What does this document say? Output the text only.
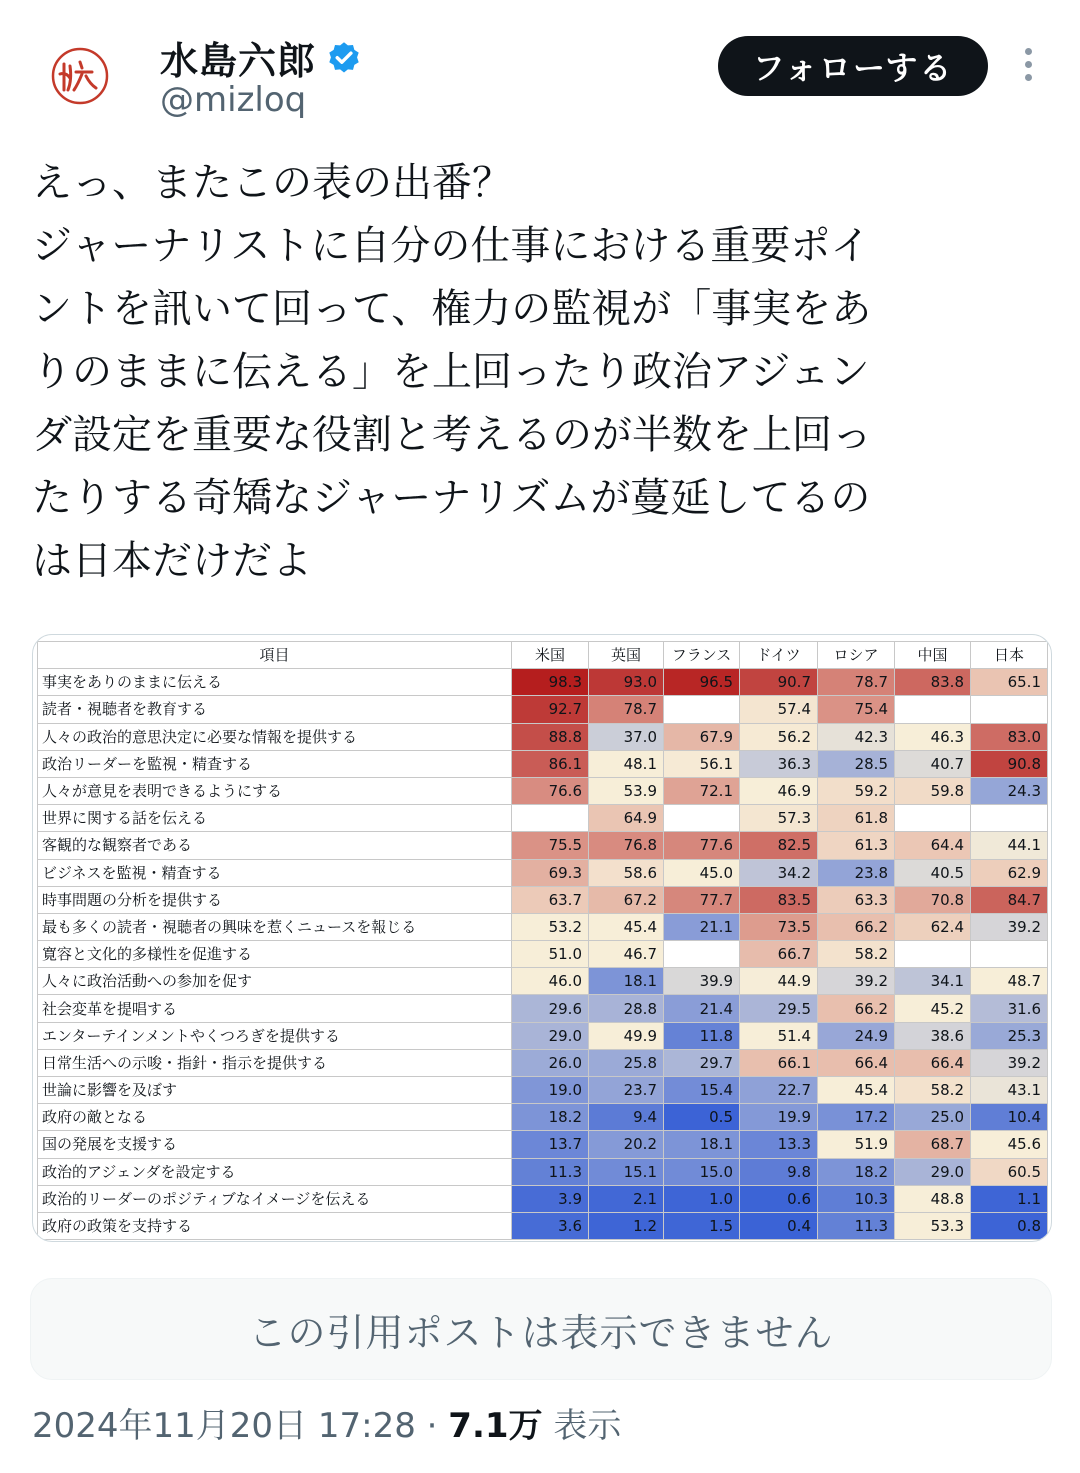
水島六郎
@mizloq
フォローする
えっ、またこの表の出番？
ジャーナリストに自分の仕事における重要ポイ
ントを訊いて回って、権力の監視が「事実をあ
りのままに伝える」を上回ったり政治アジェン
ダ設定を重要な役割と考えるのが半数を上回っ
たりする奇矯なジャーナリズムが蔓延してるの
は日本だけだよ
項目	米国	英国	フランス	ドイツ	ロシア	中国	日本
事実をありのままに伝える	98.3	93.0	96.5	90.7	78.7	83.8	65.1
読者・視聴者を教育する	92.7	78.7		57.4	75.4		
人々の政治的意思決定に必要な情報を提供する	88.8	37.0	67.9	56.2	42.3	46.3	83.0
政治リーダーを監視・精査する	86.1	48.1	56.1	36.3	28.5	40.7	90.8
人々が意見を表明できるようにする	76.6	53.9	72.1	46.9	59.2	59.8	24.3
世界に関する話を伝える		64.9		57.3	61.8		
客観的な観察者である	75.5	76.8	77.6	82.5	61.3	64.4	44.1
ビジネスを監視・精査する	69.3	58.6	45.0	34.2	23.8	40.5	62.9
時事問題の分析を提供する	63.7	67.2	77.7	83.5	63.3	70.8	84.7
最も多くの読者・視聴者の興味を惹くニュースを報じる	53.2	45.4	21.1	73.5	66.2	62.4	39.2
寛容と文化的多様性を促進する	51.0	46.7		66.7	58.2		
人々に政治活動への参加を促す	46.0	18.1	39.9	44.9	39.2	34.1	48.7
社会変革を提唱する	29.6	28.8	21.4	29.5	66.2	45.2	31.6
エンターテインメントやくつろぎを提供する	29.0	49.9	11.8	51.4	24.9	38.6	25.3
日常生活への示唆・指針・指示を提供する	26.0	25.8	29.7	66.1	66.4	66.4	39.2
世論に影響を及ぼす	19.0	23.7	15.4	22.7	45.4	58.2	43.1
政府の敵となる	18.2	9.4	0.5	19.9	17.2	25.0	10.4
国の発展を支援する	13.7	20.2	18.1	13.3	51.9	68.7	45.6
政治的アジェンダを設定する	11.3	15.1	15.0	9.8	18.2	29.0	60.5
政治的リーダーのポジティブなイメージを伝える	3.9	2.1	1.0	0.6	10.3	48.8	1.1
政府の政策を支持する	3.6	1.2	1.5	0.4	11.3	53.3	0.8
この引用ポストは表示できません
2024年11月20日 17:28 · 7.1万 表示
